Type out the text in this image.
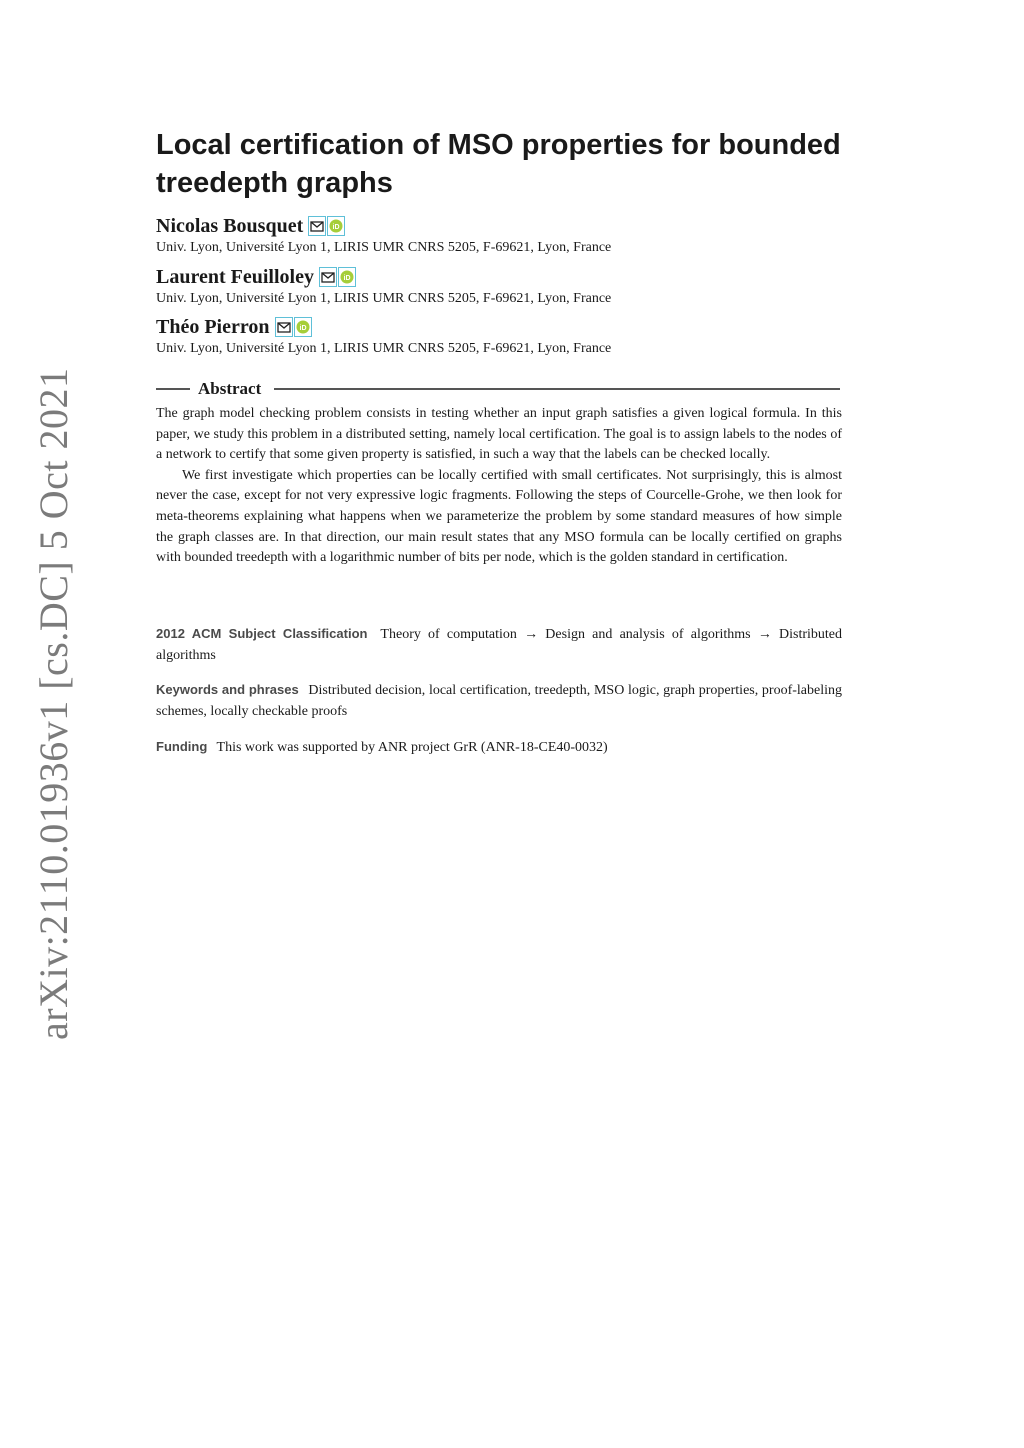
arXiv:2110.01936v1 [cs.DC] 5 Oct 2021
Local certification of MSO properties for bounded treedepth graphs
Nicolas Bousquet	iD
Univ. Lyon, Université Lyon 1, LIRIS UMR CNRS 5205, F-69621, Lyon, France
Laurent Feuilloley	iD
Univ. Lyon, Université Lyon 1, LIRIS UMR CNRS 5205, F-69621, Lyon, France
Théo Pierron	iD
Univ. Lyon, Université Lyon 1, LIRIS UMR CNRS 5205, F-69621, Lyon, France
Abstract

The graph model checking problem consists in testing whether an input graph satisfies a given logical formula. In this paper, we study this problem in a distributed setting, namely local certification. The goal is to assign labels to the nodes of a network to certify that some given property is satisfied, in such a way that the labels can be checked locally.

We first investigate which properties can be locally certified with small certificates. Not surprisingly, this is almost never the case, except for not very expressive logic fragments. Following the steps of Courcelle-Grohe, we then look for meta-theorems explaining what happens when we parameterize the problem by some standard measures of how simple the graph classes are. In that direction, our main result states that any MSO formula can be locally certified on graphs with bounded treedepth with a logarithmic number of bits per node, which is the golden standard in certification.

2012 ACM Subject Classification Theory of computation → Design and analysis of algorithms → Distributed algorithms
Keywords and phrases Distributed decision, local certification, treedepth, MSO logic, graph properties, proof-labeling schemes, locally checkable proofs
Funding This work was supported by ANR project GrR (ANR-18-CE40-0032)
